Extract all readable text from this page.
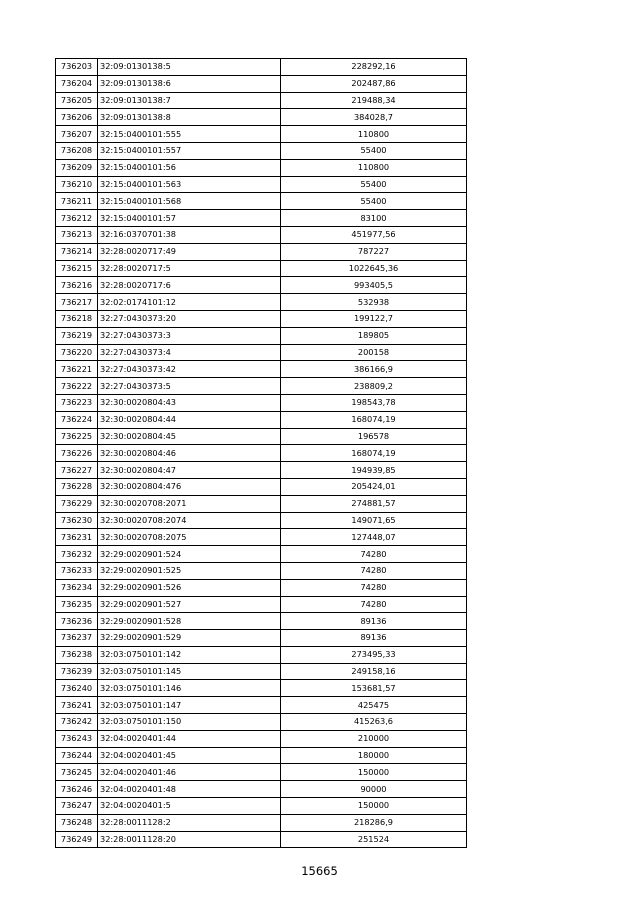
736203	32:09:0130138:5	228292,16
736204	32:09:0130138:6	202487,86
736205	32:09:0130138:7	219488,34
736206	32:09:0130138:8	384028,7
736207	32:15:0400101:555	110800
736208	32:15:0400101:557	55400
736209	32:15:0400101:56	110800
736210	32:15:0400101:563	55400
736211	32:15:0400101:568	55400
736212	32:15:0400101:57	83100
736213	32:16:0370701:38	451977,56
736214	32:28:0020717:49	787227
736215	32:28:0020717:5	1022645,36
736216	32:28:0020717:6	993405,5
736217	32:02:0174101:12	532938
736218	32:27:0430373:20	199122,7
736219	32:27:0430373:3	189805
736220	32:27:0430373:4	200158
736221	32:27:0430373:42	386166,9
736222	32:27:0430373:5	238809,2
736223	32:30:0020804:43	198543,78
736224	32:30:0020804:44	168074,19
736225	32:30:0020804:45	196578
736226	32:30:0020804:46	168074,19
736227	32:30:0020804:47	194939,85
736228	32:30:0020804:476	205424,01
736229	32:30:0020708:2071	274881,57
736230	32:30:0020708:2074	149071,65
736231	32:30:0020708:2075	127448,07
736232	32:29:0020901:524	74280
736233	32:29:0020901:525	74280
736234	32:29:0020901:526	74280
736235	32:29:0020901:527	74280
736236	32:29:0020901:528	89136
736237	32:29:0020901:529	89136
736238	32:03:0750101:142	273495,33
736239	32:03:0750101:145	249158,16
736240	32:03:0750101:146	153681,57
736241	32:03:0750101:147	425475
736242	32:03:0750101:150	415263,6
736243	32:04:0020401:44	210000
736244	32:04:0020401:45	180000
736245	32:04:0020401:46	150000
736246	32:04:0020401:48	90000
736247	32:04:0020401:5	150000
736248	32:28:0011128:2	218286,9
736249	32:28:0011128:20	251524
15665
